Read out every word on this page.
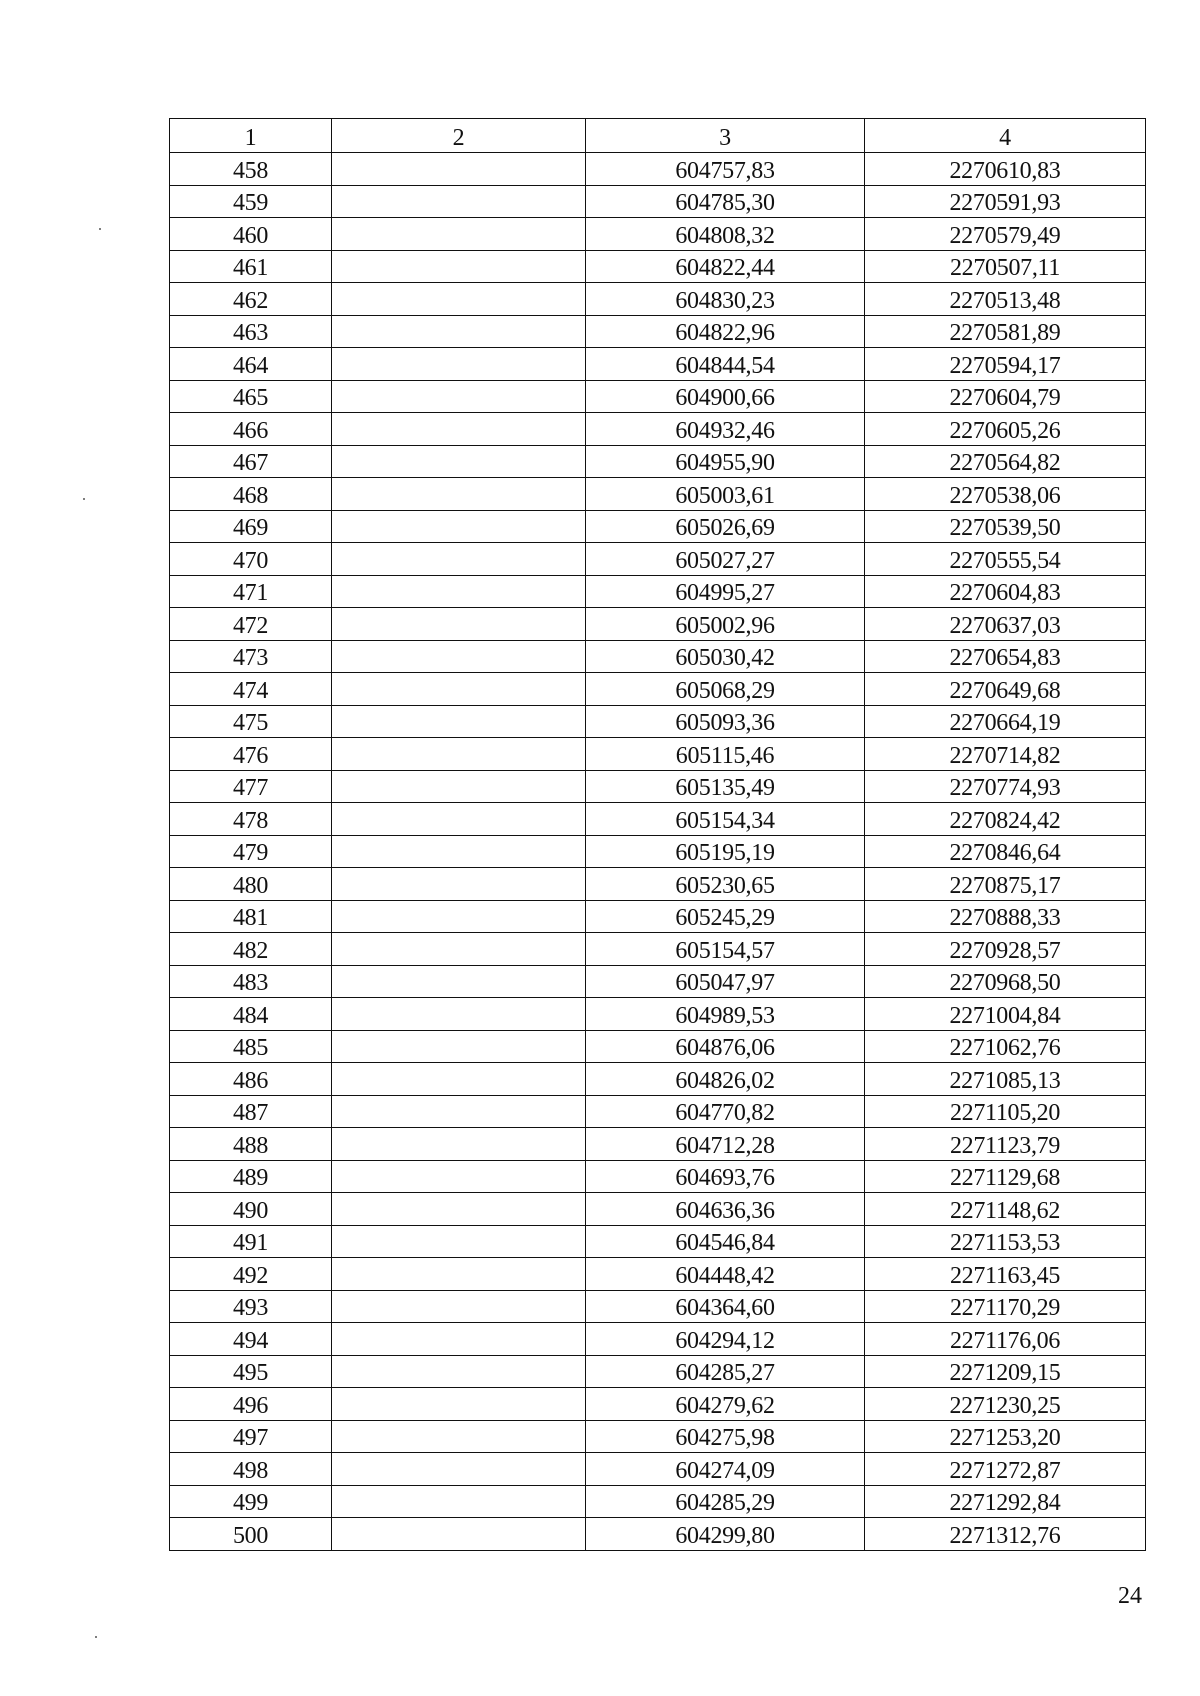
1	2	3	4
458		604757,83	2270610,83
459		604785,30	2270591,93
460		604808,32	2270579,49
461		604822,44	2270507,11
462		604830,23	2270513,48
463		604822,96	2270581,89
464		604844,54	2270594,17
465		604900,66	2270604,79
466		604932,46	2270605,26
467		604955,90	2270564,82
468		605003,61	2270538,06
469		605026,69	2270539,50
470		605027,27	2270555,54
471		604995,27	2270604,83
472		605002,96	2270637,03
473		605030,42	2270654,83
474		605068,29	2270649,68
475		605093,36	2270664,19
476		605115,46	2270714,82
477		605135,49	2270774,93
478		605154,34	2270824,42
479		605195,19	2270846,64
480		605230,65	2270875,17
481		605245,29	2270888,33
482		605154,57	2270928,57
483		605047,97	2270968,50
484		604989,53	2271004,84
485		604876,06	2271062,76
486		604826,02	2271085,13
487		604770,82	2271105,20
488		604712,28	2271123,79
489		604693,76	2271129,68
490		604636,36	2271148,62
491		604546,84	2271153,53
492		604448,42	2271163,45
493		604364,60	2271170,29
494		604294,12	2271176,06
495		604285,27	2271209,15
496		604279,62	2271230,25
497		604275,98	2271253,20
498		604274,09	2271272,87
499		604285,29	2271292,84
500		604299,80	2271312,76
24
